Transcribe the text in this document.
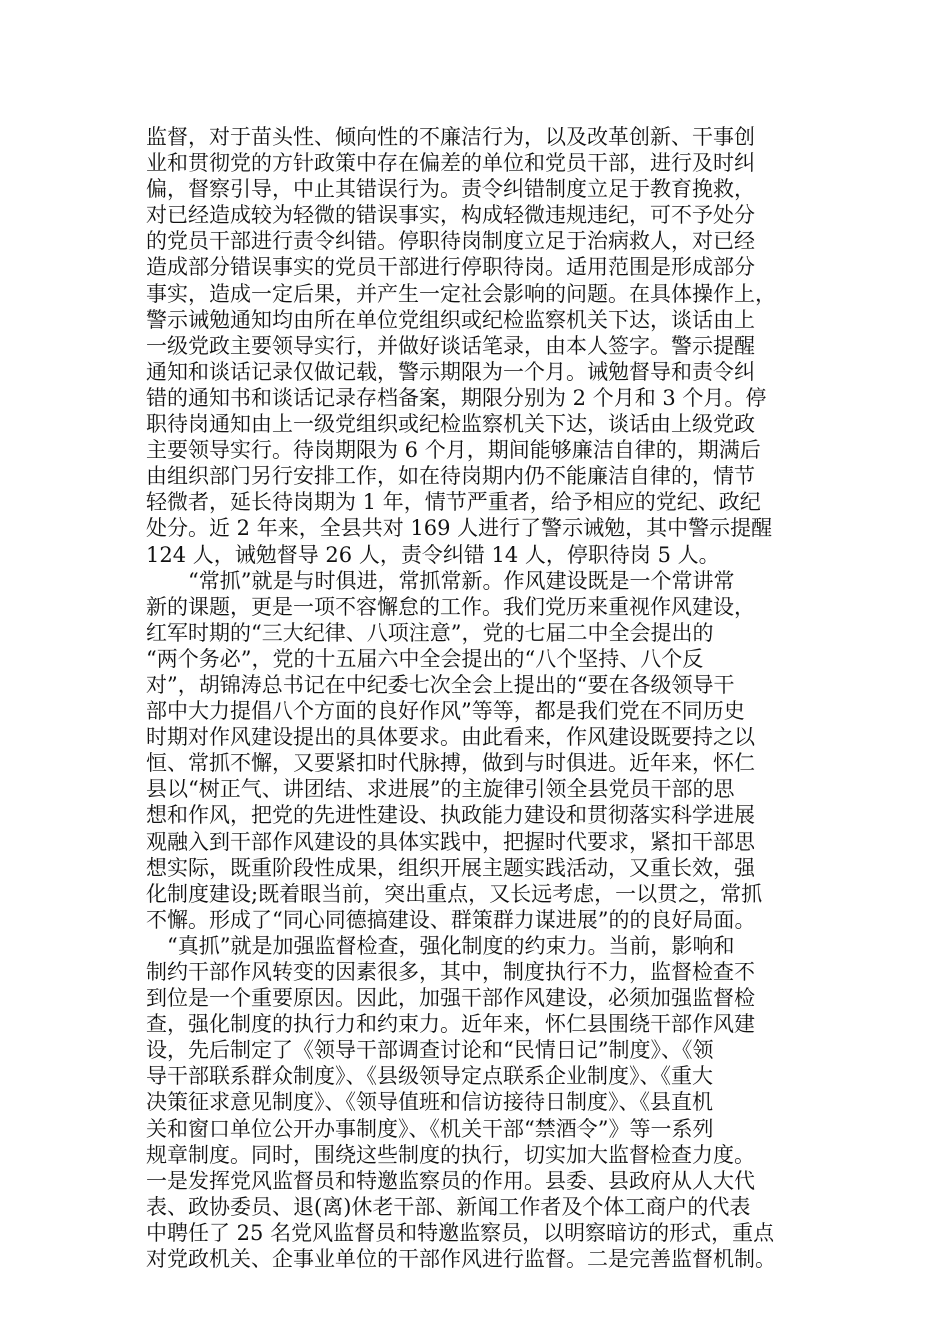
监督，对于苗头性、倾向性的不廉洁行为，以及改革创新、干事创
业和贯彻党的方针政策中存在偏差的单位和党员干部，进行及时纠
偏，督察引导，中止其错误行为。责令纠错制度立足于教育挽救，
对已经造成较为轻微的错误事实，构成轻微违规违纪，可不予处分
的党员干部进行责令纠错。停职待岗制度立足于治病救人，对已经
造成部分错误事实的党员干部进行停职待岗。适用范围是形成部分
事实，造成一定后果，并产生一定社会影响的问题。在具体操作上，
警示诫勉通知均由所在单位党组织或纪检监察机关下达，谈话由上
一级党政主要领导实行，并做好谈话笔录，由本人签字。警示提醒
通知和谈话记录仅做记载，警示期限为一个月。诫勉督导和责令纠
错的通知书和谈话记录存档备案，期限分别为 2 个月和 3 个月。停
职待岗通知由上一级党组织或纪检监察机关下达，谈话由上级党政
主要领导实行。待岗期限为 6 个月，期间能够廉洁自律的，期满后
由组织部门另行安排工作，如在待岗期内仍不能廉洁自律的，情节
轻微者，延长待岗期为 1 年，情节严重者，给予相应的党纪、政纪
处分。近 2 年来，全县共对 169 人进行了警示诫勉，其中警示提醒
124 人，诫勉督导 26 人，责令纠错 14 人，停职待岗 5 人。
　　“常抓”就是与时俱进，常抓常新。作风建设既是一个常讲常
新的课题，更是一项不容懈怠的工作。我们党历来重视作风建设，
红军时期的“三大纪律、八项注意”，党的七届二中全会提出的
“两个务必”，党的十五届六中全会提出的“八个坚持、八个反
对”，胡锦涛总书记在中纪委七次全会上提出的“要在各级领导干
部中大力提倡八个方面的良好作风”等等，都是我们党在不同历史
时期对作风建设提出的具体要求。由此看来，作风建设既要持之以
恒、常抓不懈，又要紧扣时代脉搏，做到与时俱进。近年来，怀仁
县以“树正气、讲团结、求进展”的主旋律引领全县党员干部的思
想和作风，把党的先进性建设、执政能力建设和贯彻落实科学进展
观融入到干部作风建设的具体实践中，把握时代要求，紧扣干部思
想实际，既重阶段性成果，组织开展主题实践活动，又重长效，强
化制度建设;既着眼当前，突出重点，又长远考虑，一以贯之，常抓
不懈。形成了“同心同德搞建设、群策群力谋进展”的的良好局面。
　“真抓”就是加强监督检查，强化制度的约束力。当前，影响和
制约干部作风转变的因素很多，其中，制度执行不力，监督检查不
到位是一个重要原因。因此，加强干部作风建设，必须加强监督检
查，强化制度的执行力和约束力。近年来，怀仁县围绕干部作风建
设，先后制定了《领导干部调查讨论和“民情日记”制度》、《领
导干部联系群众制度》、《县级领导定点联系企业制度》、《重大
决策征求意见制度》、《领导值班和信访接待日制度》、《县直机
关和窗口单位公开办事制度》、《机关干部“禁酒令”》等一系列
规章制度。同时，围绕这些制度的执行，切实加大监督检查力度。
一是发挥党风监督员和特邀监察员的作用。县委、县政府从人大代
表、政协委员、退(离)休老干部、新闻工作者及个体工商户的代表
中聘任了 25 名党风监督员和特邀监察员，以明察暗访的形式，重点
对党政机关、企事业单位的干部作风进行监督。二是完善监督机制。
